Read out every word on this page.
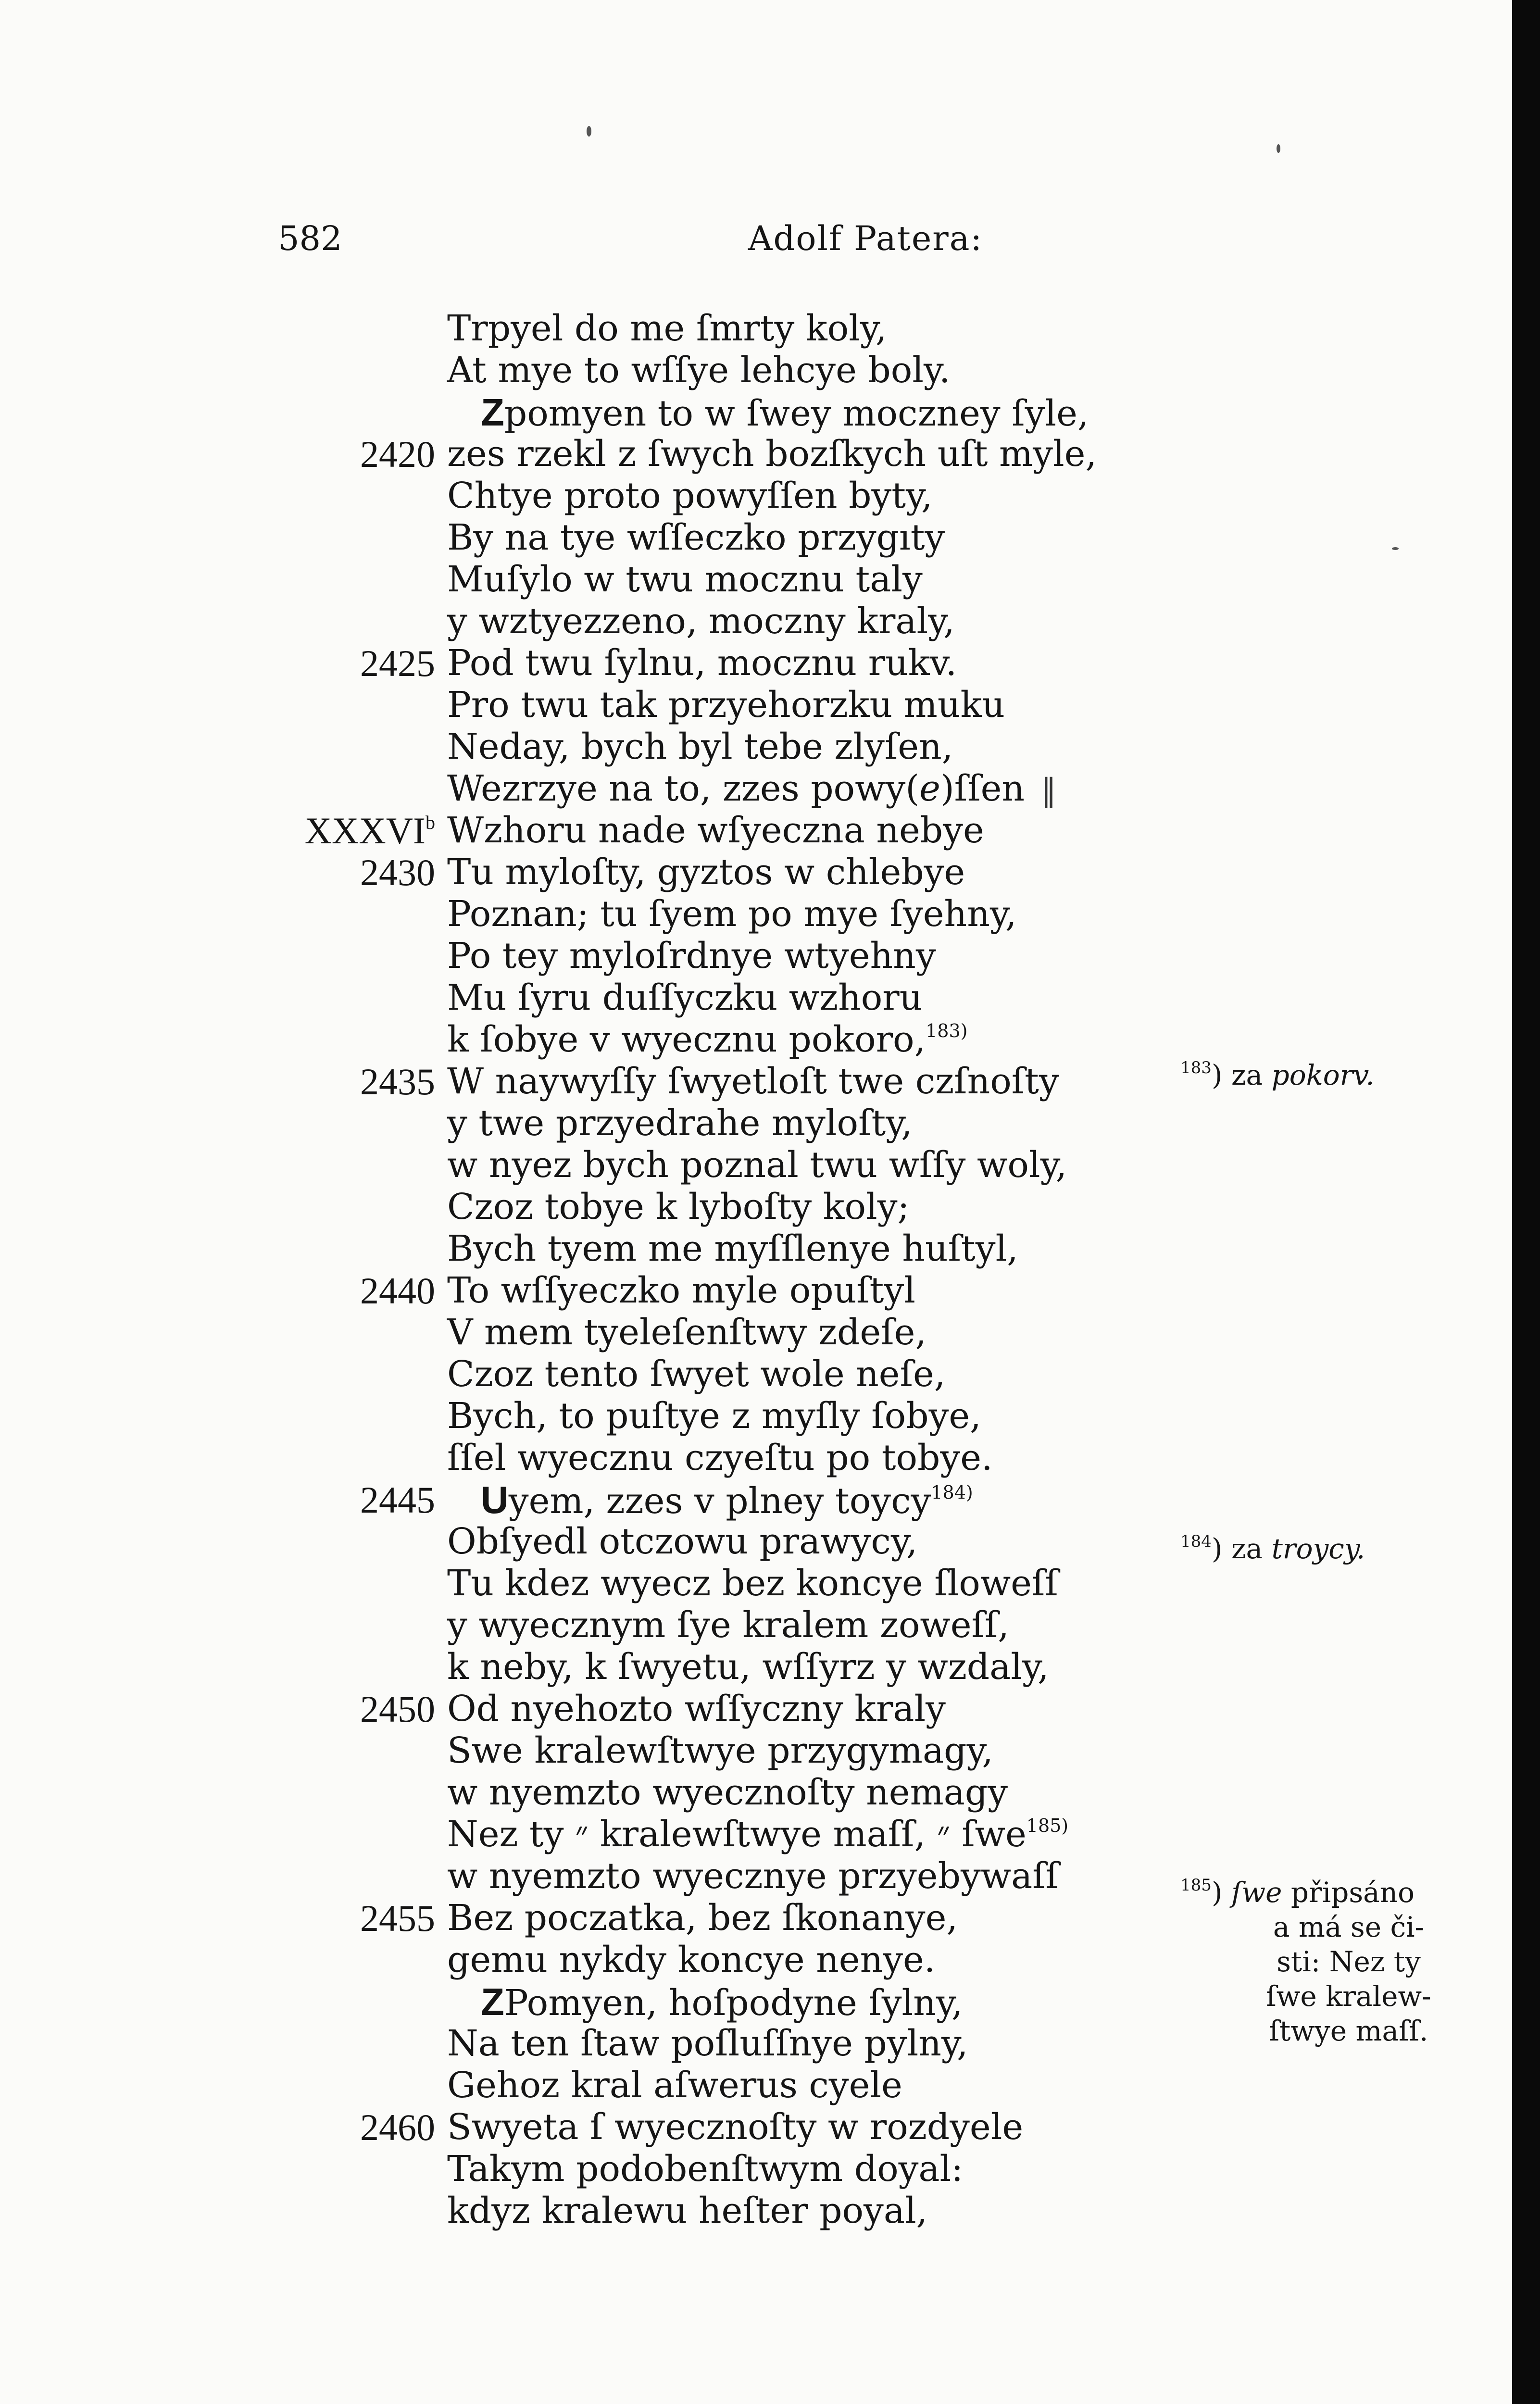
582	Adolf Patera:
Trpyel do me ſmrty koly,
At mye to wſſye lehcye boly.
Zpomyen to w ſwey moczney ſyle,
2420 zes rzekl z ſwych bozſkych uſt myle,
Chtye proto powyſſen byty,
By na tye wſſeczko przygıty
Muſylo w twu mocznu taly
y wztyezzeno, moczny kraly,
2425 Pod twu ſylnu, mocznu rukv.
Pro twu tak przyehorzku muku
Neday, bych byl tebe zlyſen,
Wezrzye na to, zzes powy(e)ſſen ‖
XXXVI$^b$ Wzhoru nade wſyeczna nebye
2430 Tu myloſty, gyztos w chlebye
Poznan; tu ſyem po mye ſyehny,
Po tey myloſrdnye wtyehny
Mu ſyru duſſyczku wzhoru
k ſobye v wyecznu pokoro,$^{183)}$
2435 W naywyſſy ſwyetloſt twe czſnoſty
y twe przyedrahe myloſty,
w nyez bych poznal twu wſſy woly,
Czoz tobye k lyboſty koly;
Bych tyem me myſſlenye huſtyl,
2440 To wſſyeczko myle opuſtyl
V mem tyeleſenſtwy zdeſe,
Czoz tento ſwyet wole neſe,
Bych, to puſtye z myſly ſobye,
ſſel wyecznu czyeſtu po tobye.
2445 Uyem, zzes v plney toycy$^{184)}$
Obſyedl otczowu prawycy,
Tu kdez wyecz bez koncye ſloweſſ
y wyecznym ſye kralem zoweſſ,
k neby, k ſwyetu, wſſyrz y wzdaly,
2450 Od nyehozto wſſyczny kraly
Swe kralewſtwye przygymagy,
w nyemzto wyecznoſty nemagy
Nez ty ״ kralewſtwye maſſ, ״ ſwe$^{185)}$
w nyemzto wyecznye przyebywaſſ
2455 Bez poczatka, bez ſkonanye,
gemu nykdy koncye nenye.
ZPomyen, hoſpodyne ſylny,
Na ten ſtaw poſluſſnye pylny,
Gehoz kral aſwerus cyele
2460 Swyeta ſ wyecznoſty w rozdyele
Takym podobenſtwym doyal:
kdyz kralewu heſter poyal,
$^{183}$) za pokorv.
$^{184}$) za troycy.
$^{185}$) ſwe připsáno
a má se či-
sti: Nez ty
ſwe kralew-
ſtwye maſſ.
